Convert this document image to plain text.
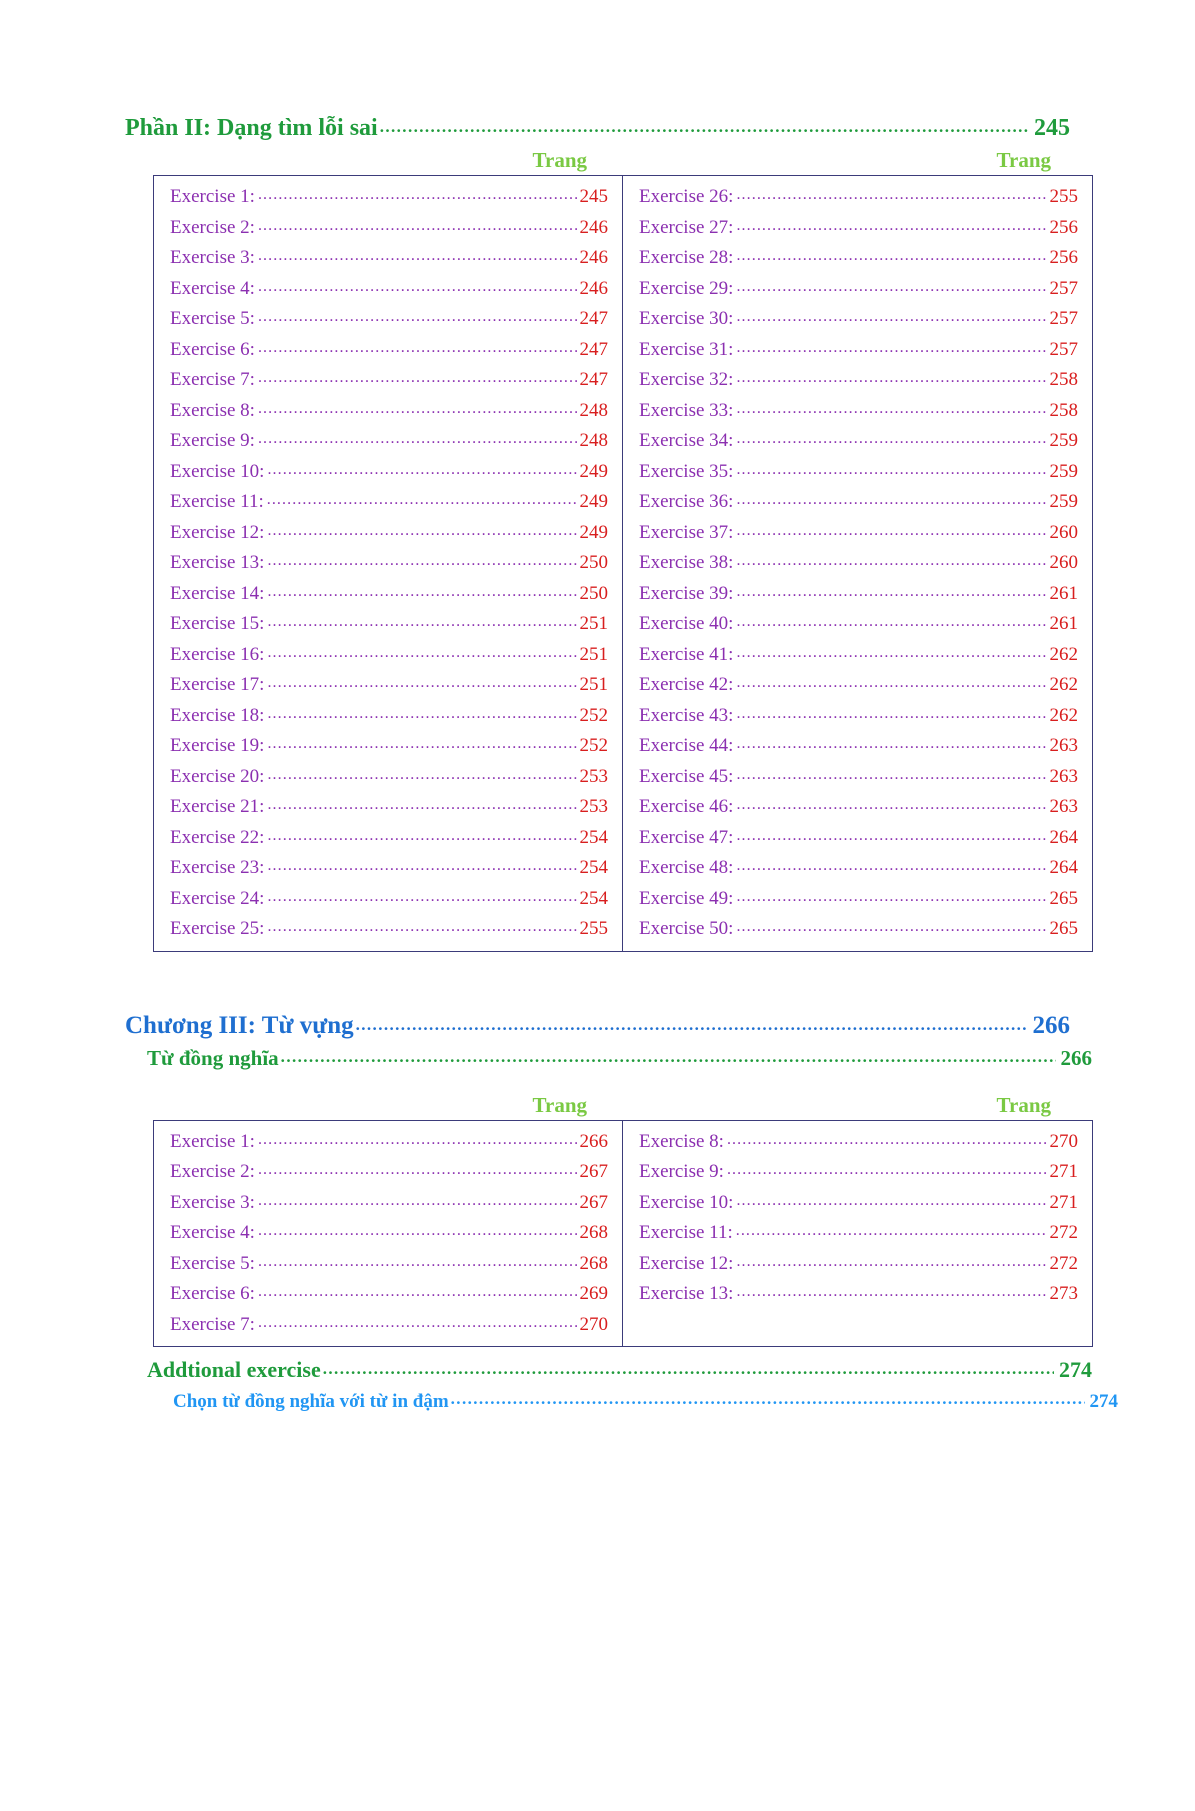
Phần II: Dạng tìm lỗi sai .....	245
Trang	Trang
Exercise 1: .....	245
Exercise 2: .....	246
Exercise 3: .....	246
Exercise 4: .....	246
Exercise 5: .....	247
Exercise 6: .....	247
Exercise 7: .....	247
Exercise 8: .....	248
Exercise 9: .....	248
Exercise 10: .....	249
Exercise 11: .....	249
Exercise 12: .....	249
Exercise 13: .....	250
Exercise 14: .....	250
Exercise 15: .....	251
Exercise 16: .....	251
Exercise 17: .....	251
Exercise 18: .....	252
Exercise 19: .....	252
Exercise 20: .....	253
Exercise 21: .....	253
Exercise 22: .....	254
Exercise 23: .....	254
Exercise 24: .....	254
Exercise 25: .....	255
Exercise 26: .....	255
Exercise 27: .....	256
Exercise 28: .....	256
Exercise 29: .....	257
Exercise 30: .....	257
Exercise 31: .....	257
Exercise 32: .....	258
Exercise 33: .....	258
Exercise 34: .....	259
Exercise 35: .....	259
Exercise 36: .....	259
Exercise 37: .....	260
Exercise 38: .....	260
Exercise 39: .....	261
Exercise 40: .....	261
Exercise 41: .....	262
Exercise 42: .....	262
Exercise 43: .....	262
Exercise 44: .....	263
Exercise 45: .....	263
Exercise 46: .....	263
Exercise 47: .....	264
Exercise 48: .....	264
Exercise 49: .....	265
Exercise 50: .....	265
Chương III: Từ vựng .....	266
Từ đồng nghĩa .....	266
Trang	Trang
Exercise 1: .....	266
Exercise 2: .....	267
Exercise 3: .....	267
Exercise 4: .....	268
Exercise 5: .....	268
Exercise 6: .....	269
Exercise 7: .....	270
Exercise 8: .....	270
Exercise 9: .....	271
Exercise 10: .....	271
Exercise 11: .....	272
Exercise 12: .....	272
Exercise 13: .....	273
Addtional exercise .....	274
Chọn từ đồng nghĩa với từ in đậm .....	274
